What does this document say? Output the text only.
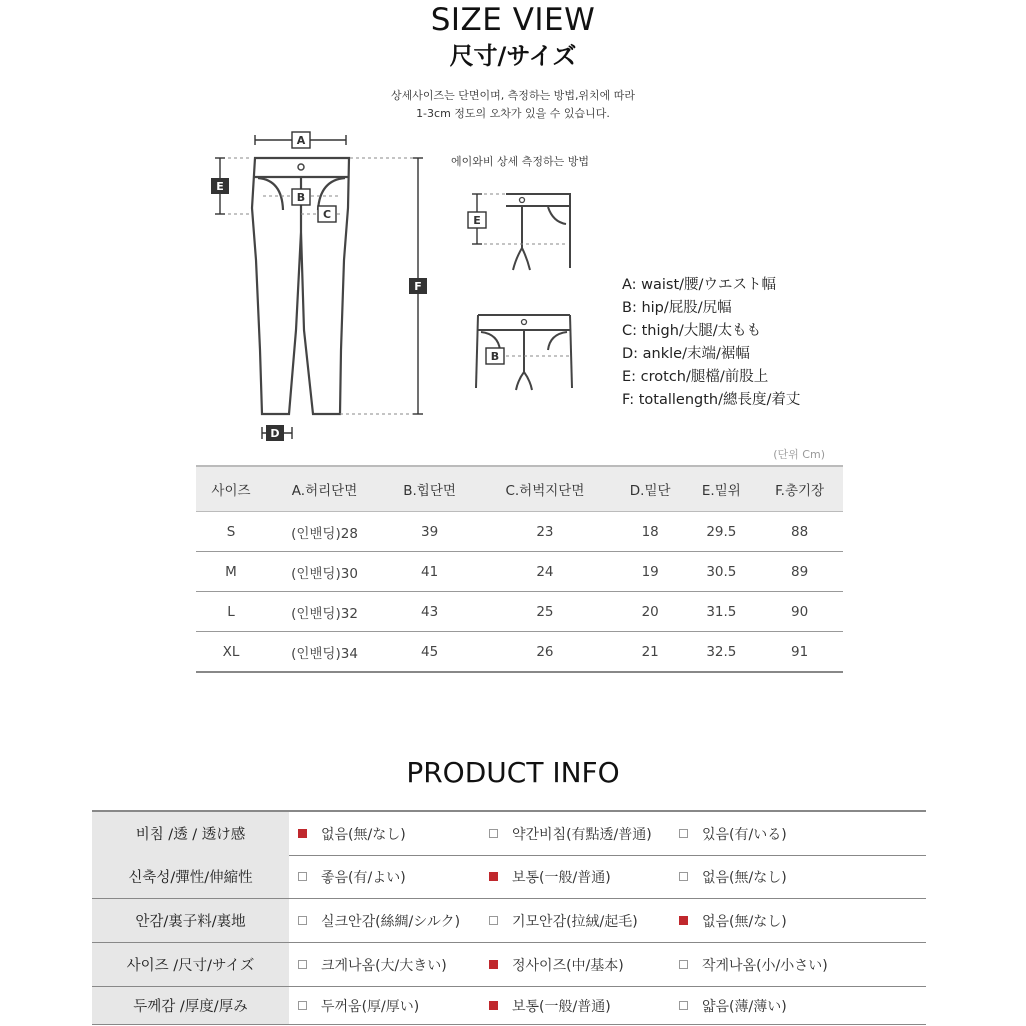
SIZE VIEW
尺寸/サイズ
상세사이즈는 단면이며, 측정하는 방법,위치에 따라
1-3cm 정도의 오차가 있을 수 있습니다.
A
B
C
E
F
D
에이와비 상세 측정하는 방법
E
B
A: waist/腰/ウエスト幅
B: hip/屁股/尻幅
C: thigh/大腿/太もも
D: ankle/末端/裾幅
E: crotch/腿檔/前股上
F: totallength/總長度/着丈
(단위 Cm)
사이즈	A.허리단면	B.힙단면	C.허벅지단면	D.밑단	E.밑위	F.총기장
S	(인밴딩)28	39	23	18	29.5	88
M	(인밴딩)30	41	24	19	30.5	89
L	(인밴딩)32	43	25	20	31.5	90
XL	(인밴딩)34	45	26	21	32.5	91
PRODUCT INFO
비침 /透 / 透け感	없음(無/なし)	약간비침(有點透/普通)	있음(有/いる)
신축성/彈性/伸縮性	좋음(有/よい)	보통(一般/普通)	없음(無/なし)
안감/裏子料/裏地	실크안감(絲綢/シルク)	기모안감(拉絨/起毛)	없음(無/なし)
사이즈 /尺寸/サイズ	크게나옴(大/大きい)	정사이즈(中/基本)	작게나옴(小/小さい)
두께감 /厚度/厚み	두꺼움(厚/厚い)	보통(一般/普通)	얇음(薄/薄い)
